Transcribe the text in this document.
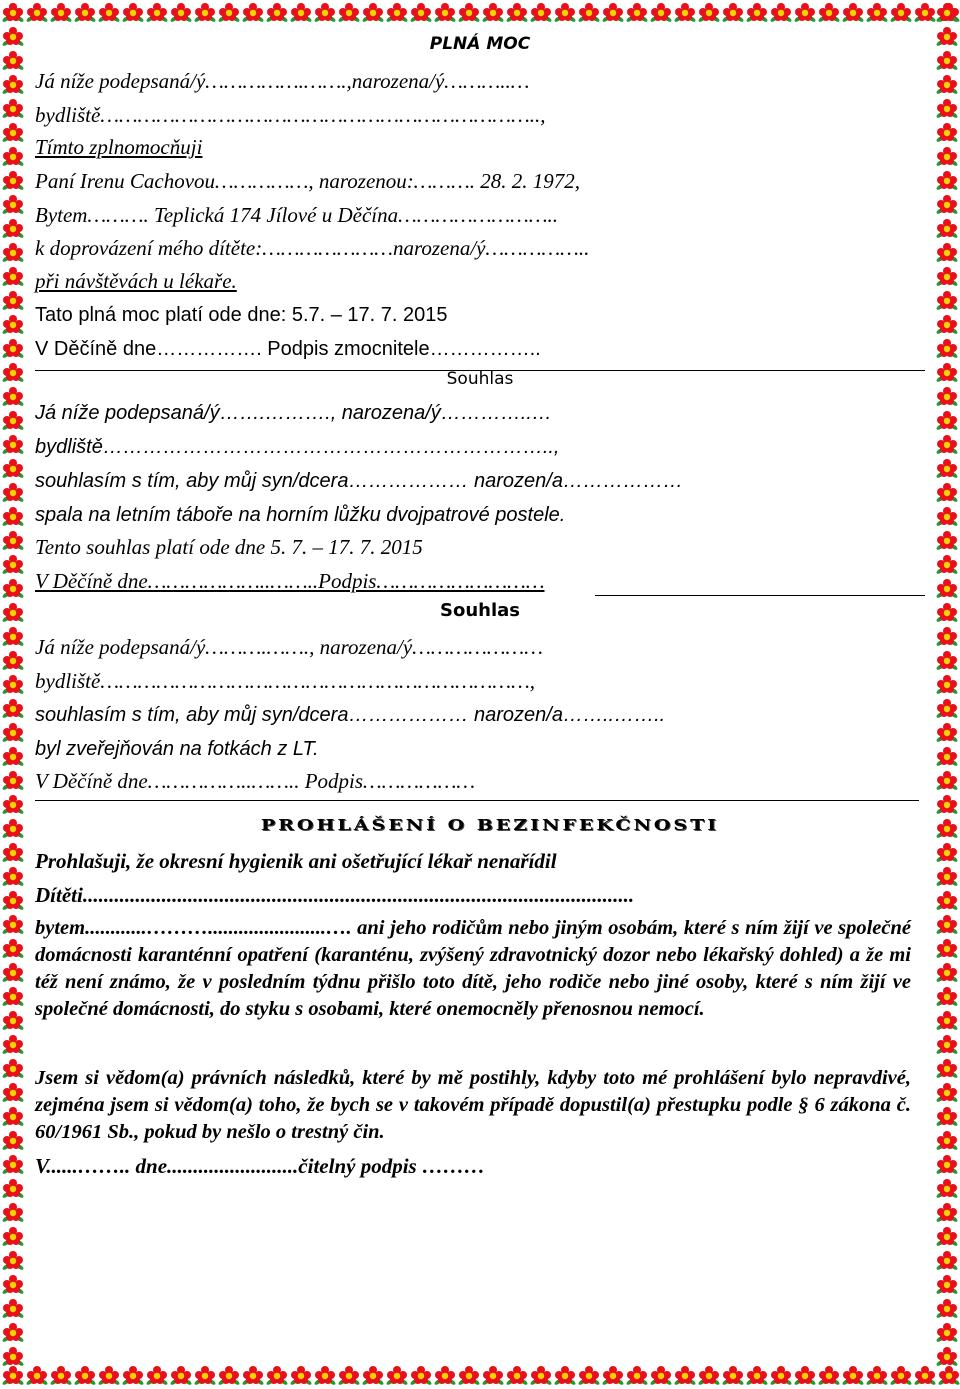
PLNÁ MOC
Já níže podepsaná/ý…………….…….,narozena/ý………..…
bydliště……………………………………………………………..,
Tímto zplnomocňuji
Paní Irenu Cachovou……………, narozenou:………. 28. 2. 1972,
Bytem………. Teplická 174 Jílové u Děčína……………………..
k doprovázení mého dítěte:…………………narozena/ý……………..
při návštěvách u lékaře.
Tato plná moc platí ode dne: 5.7. – 17. 7. 2015
V Děčíně dne……………. Podpis zmocnitele……………..
Souhlas
Já níže podepsaná/ý…….………., narozena/ý…………..…
bydliště…………………………………………………………..,
souhlasím s tím, aby můj syn/dcera……………… narozen/a………………
spala na letním táboře na horním lůžku dvojpatrové postele.
Tento souhlas platí ode dne 5. 7. – 17. 7. 2015
V Děčíně dne………………..……..Podpis………………………
Souhlas
Já níže podepsaná/ý……….……., narozena/ý…………………
bydliště……………………………………………………………,
souhlasím s tím, aby můj syn/dcera……………… narozen/a……..……..
byl zveřejňován na fotkách z LT.
V Děčíně dne……………..…….. Podpis………………
PROHLÁŠENÍ O BEZINFEKČNOSTI
Prohlašuji, že okresní hygienik ani ošetřující lékař nenařídil
Dítěti.........................................................................................................
bytem............……….......................…. ani jeho rodičům nebo jiným osobám, které s ním žijí ve společné domácnosti karanténní opatření (karanténu, zvýšený zdravotnický dozor nebo lékařský dohled) a že mi též není známo, že v posledním týdnu přišlo toto dítě, jeho rodiče nebo jiné osoby, které s ním žijí ve společné domácnosti, do styku s osobami, které onemocněly přenosnou nemocí.
Jsem si vědom(a) právních následků, které by mě postihly, kdyby toto mé prohlášení bylo nepravdivé, zejména jsem si vědom(a) toho, že bych se v takovém případě dopustil(a) přestupku podle § 6 zákona č. 60/1961 Sb., pokud by nešlo o trestný čin.
V......…….. dne.........................čitelný podpis ………
